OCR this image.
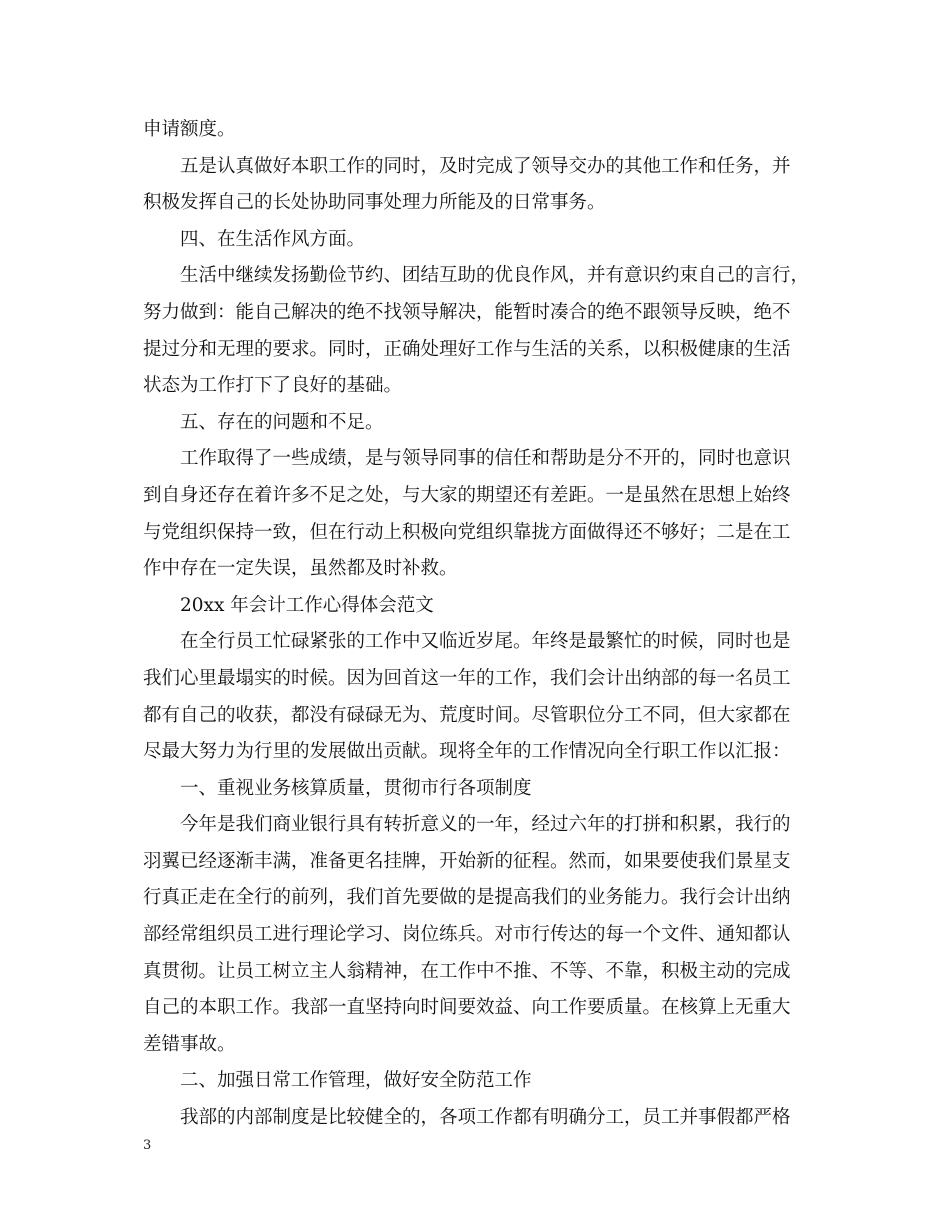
申请额度。
五是认真做好本职工作的同时，及时完成了领导交办的其他工作和任务，并
积极发挥自己的长处协助同事处理力所能及的日常事务。
四、在生活作风方面。
生活中继续发扬勤俭节约、团结互助的优良作风，并有意识约束自己的言行，
努力做到：能自己解决的绝不找领导解决，能暂时凑合的绝不跟领导反映，绝不
提过分和无理的要求。同时，正确处理好工作与生活的关系，以积极健康的生活
状态为工作打下了良好的基础。
五、存在的问题和不足。
工作取得了一些成绩，是与领导同事的信任和帮助是分不开的，同时也意识
到自身还存在着许多不足之处，与大家的期望还有差距。一是虽然在思想上始终
与党组织保持一致，但在行动上积极向党组织靠拢方面做得还不够好；二是在工
作中存在一定失误，虽然都及时补救。
20xx 年会计工作心得体会范文
在全行员工忙碌紧张的工作中又临近岁尾。年终是最繁忙的时候，同时也是
我们心里最塌实的时候。因为回首这一年的工作，我们会计出纳部的每一名员工
都有自己的收获，都没有碌碌无为、荒度时间。尽管职位分工不同，但大家都在
尽最大努力为行里的发展做出贡献。现将全年的工作情况向全行职工作以汇报：
一、重视业务核算质量，贯彻市行各项制度
今年是我们商业银行具有转折意义的一年，经过六年的打拼和积累，我行的
羽翼已经逐渐丰满，准备更名挂牌，开始新的征程。然而，如果要使我们景星支
行真正走在全行的前列，我们首先要做的是提高我们的业务能力。我行会计出纳
部经常组织员工进行理论学习、岗位练兵。对市行传达的每一个文件、通知都认
真贯彻。让员工树立主人翁精神，在工作中不推、不等、不靠，积极主动的完成
自己的本职工作。我部一直坚持向时间要效益、向工作要质量。在核算上无重大
差错事故。
二、加强日常工作管理，做好安全防范工作
我部的内部制度是比较健全的，各项工作都有明确分工，员工并事假都严格
3
